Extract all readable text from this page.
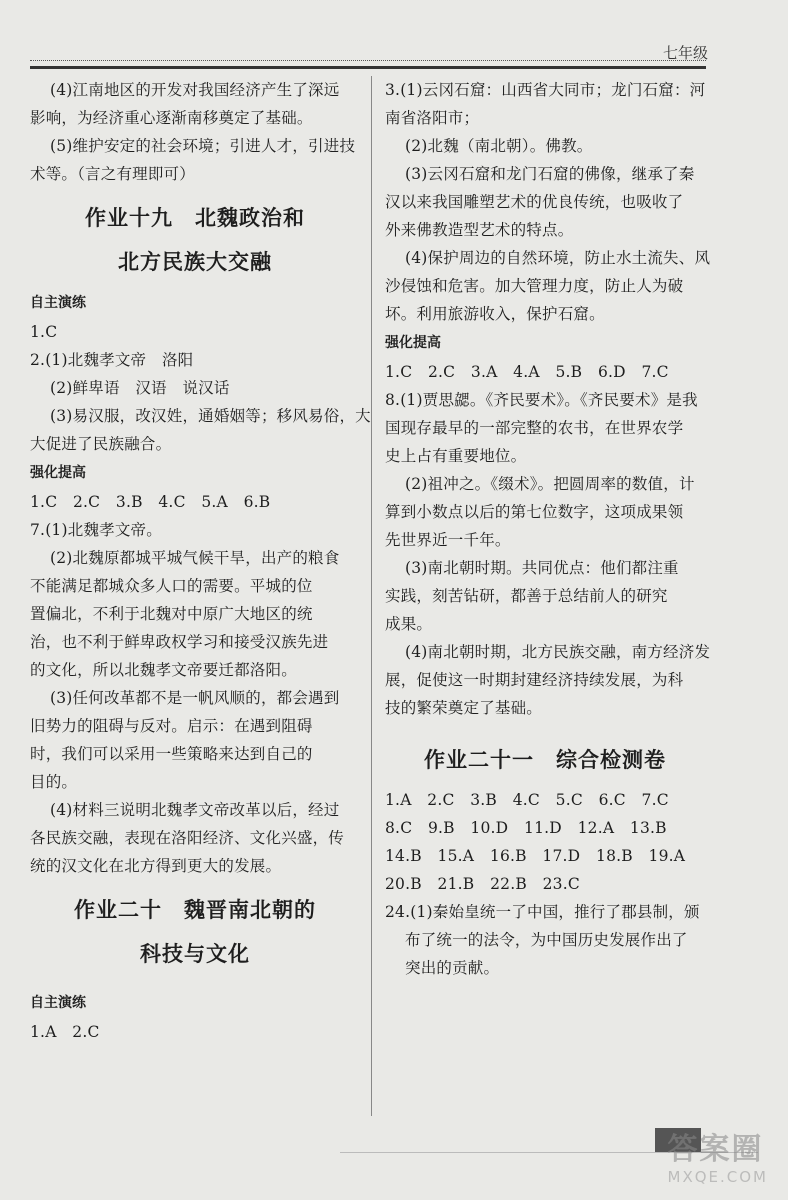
七年级
(4)江南地区的开发对我国经济产生了深远
影响，为经济重心逐渐南移奠定了基础。
(5)维护安定的社会环境；引进人才，引进技
术等。（言之有理即可）
作业十九　北魏政治和
北方民族大交融
自主演练
1.C
2.(1)北魏孝文帝　洛阳
(2)鲜卑语　汉语　说汉话
(3)易汉服，改汉姓，通婚姻等；移风易俗，大
大促进了民族融合。
强化提高
1.C　2.C　3.B　4.C　5.A　6.B
7.(1)北魏孝文帝。
(2)北魏原都城平城气候干旱，出产的粮食
不能满足都城众多人口的需要。平城的位
置偏北，不利于北魏对中原广大地区的统
治，也不利于鲜卑政权学习和接受汉族先进
的文化，所以北魏孝文帝要迁都洛阳。
(3)任何改革都不是一帆风顺的，都会遇到
旧势力的阻碍与反对。启示：在遇到阻碍
时，我们可以采用一些策略来达到自己的
目的。
(4)材料三说明北魏孝文帝改革以后，经过
各民族交融，表现在洛阳经济、文化兴盛，传
统的汉文化在北方得到更大的发展。
作业二十　魏晋南北朝的
科技与文化
自主演练
1.A　2.C
3.(1)云冈石窟：山西省大同市；龙门石窟：河
南省洛阳市；
(2)北魏（南北朝）。佛教。
(3)云冈石窟和龙门石窟的佛像，继承了秦
汉以来我国雕塑艺术的优良传统，也吸收了
外来佛教造型艺术的特点。
(4)保护周边的自然环境，防止水土流失、风
沙侵蚀和危害。加大管理力度，防止人为破
坏。利用旅游收入，保护石窟。
强化提高
1.C　2.C　3.A　4.A　5.B　6.D　7.C
8.(1)贾思勰。《齐民要术》。《齐民要术》是我
国现存最早的一部完整的农书，在世界农学
史上占有重要地位。
(2)祖冲之。《缀术》。把圆周率的数值，计
算到小数点以后的第七位数字，这项成果领
先世界近一千年。
(3)南北朝时期。共同优点：他们都注重
实践，刻苦钻研，都善于总结前人的研究
成果。
(4)南北朝时期，北方民族交融，南方经济发
展，促使这一时期封建经济持续发展，为科
技的繁荣奠定了基础。
作业二十一　综合检测卷
1.A　2.C　3.B　4.C　5.C　6.C　7.C
8.C　9.B　10.D　11.D　12.A　13.B
14.B　15.A　16.B　17.D　18.B　19.A
20.B　21.B　22.B　23.C
24.(1)秦始皇统一了中国，推行了郡县制，颁
布了统一的法令，为中国历史发展作出了
突出的贡献。
答案圈
MXQE.COM
